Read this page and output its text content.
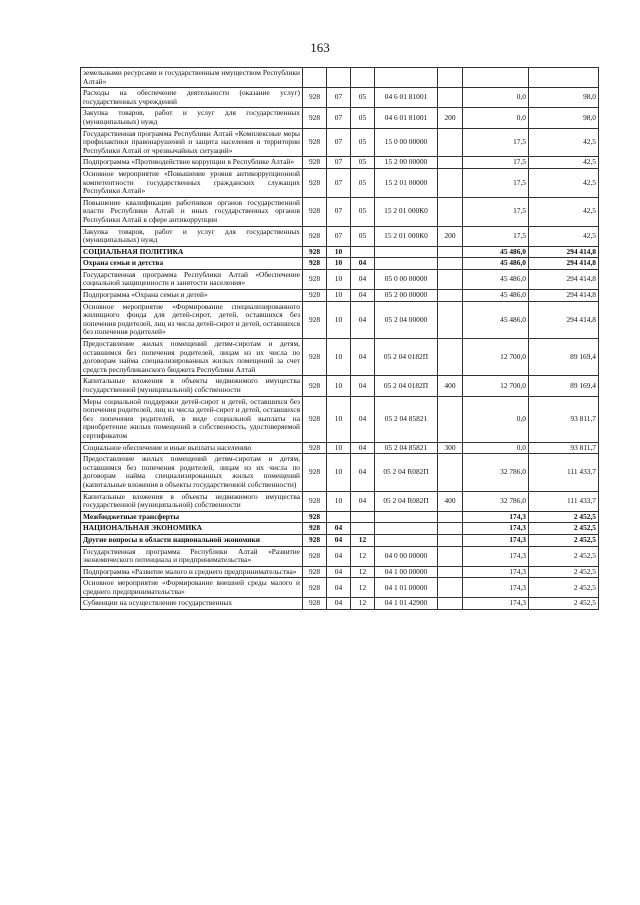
163
земельными ресурсами и государственным имуществом Республики Алтай»							
Расходы на обеспечение деятельности (оказание услуг) государственных учреждений	928	07	05	04 6 01 81001		0,0	98,0
Закупка товаров, работ и услуг для государственных (муниципальных) нужд	928	07	05	04 6 01 81001	200	0,0	98,0
Государственная программа Республики Алтай «Комплексные меры профилактики правонарушений и защита населения и территории Республики Алтай от чрезвычайных ситуаций»	928	07	05	15 0 00 00000		17,5	42,5
Подпрограмма «Противодействие коррупции в Республике Алтай»	928	07	05	15 2 00 00000		17,5	42,5
Основное мероприятие «Повышение уровня антикоррупционной компетентности государственных гражданских служащих Республики Алтай»	928	07	05	15 2 01 00000		17,5	42,5
Повышение квалификации работников органов государственной власти Республики Алтай и иных государственных органов Республики Алтай в сфере антикоррупции	928	07	05	15 2 01 000К0		17,5	42,5
Закупка товаров, работ и услуг для государственных (муниципальных) нужд	928	07	05	15 2 01 000К0	200	17,5	42,5
СОЦИАЛЬНАЯ ПОЛИТИКА	928	10				45 486,0	294 414,8
Охрана семьи и детства	928	10	04			45 486,0	294 414,8
Государственная программа Республики Алтай «Обеспечение социальной защищенности и занятости населения»	928	10	04	05 0 00 00000		45 486,0	294 414,8
Подпрограмма «Охрана семьи и детей»	928	10	04	05 2 00 00000		45 486,0	294 414,8
Основное мероприятие «Формирование специализированного жилищного фонда для детей-сирот, детей, оставшихся без попечения родителей, лиц из числа детей-сирот и детей, оставшихся без попечения родителей»	928	10	04	05 2 04 00000		45 486,0	294 414,8
Предоставление жилых помещений детям-сиротам и детям, оставшимся без попечения родителей, лицам из их числа по договорам найма специализированных жилых помещений за счет средств республиканского бюджета Республики Алтай	928	10	04	05 2 04 0182П		12 700,0	89 169,4
Капитальные вложения в объекты недвижимого имущества государственной (муниципальной) собственности	928	10	04	05 2 04 0182П	400	12 700,0	89 169,4
Меры социальной поддержки детей-сирот и детей, оставшихся без попечения родителей, лиц из числа детей-сирот и детей, оставшихся без попечения родителей, в виде социальной выплаты на приобретение жилых помещений в собственность, удостоверяемой сертификатом	928	10	04	05 2 04 85821		0,0	93 811,7
Социальное обеспечение и иные выплаты населению	928	10	04	05 2 04 85821	300	0,0	93 811,7
Предоставление жилых помещений детям-сиротам и детям, оставшимся без попечения родителей, лицам из их числа по договорам найма специализированных жилых помещений (капитальные вложения в объекты государственной собственности)	928	10	04	05 2 04 R082П		32 786,0	111 433,7
Капитальные вложения в объекты недвижимого имущества государственной (муниципальной) собственности	928	10	04	05 2 04 R082П	400	32 786,0	111 433,7
Межбюджетные трансферты	928					174,3	2 452,5
НАЦИОНАЛЬНАЯ ЭКОНОМИКА	928	04				174,3	2 452,5
Другие вопросы в области национальной экономики	928	04	12			174,3	2 452,5
Государственная программа Республики Алтай «Развитие экономического потенциала и предпринимательства»	928	04	12	04 0 00 00000		174,3	2 452,5
Подпрограмма «Развитие малого и среднего предпринимательства»	928	04	12	04 1 00 00000		174,3	2 452,5
Основное мероприятие «Формирование внешней среды малого и среднего предпринимательства»	928	04	12	04 1 01 00000		174,3	2 452,5
Субвенции на осуществление государственных	928	04	12	04 1 01 42900		174,3	2 452,5
